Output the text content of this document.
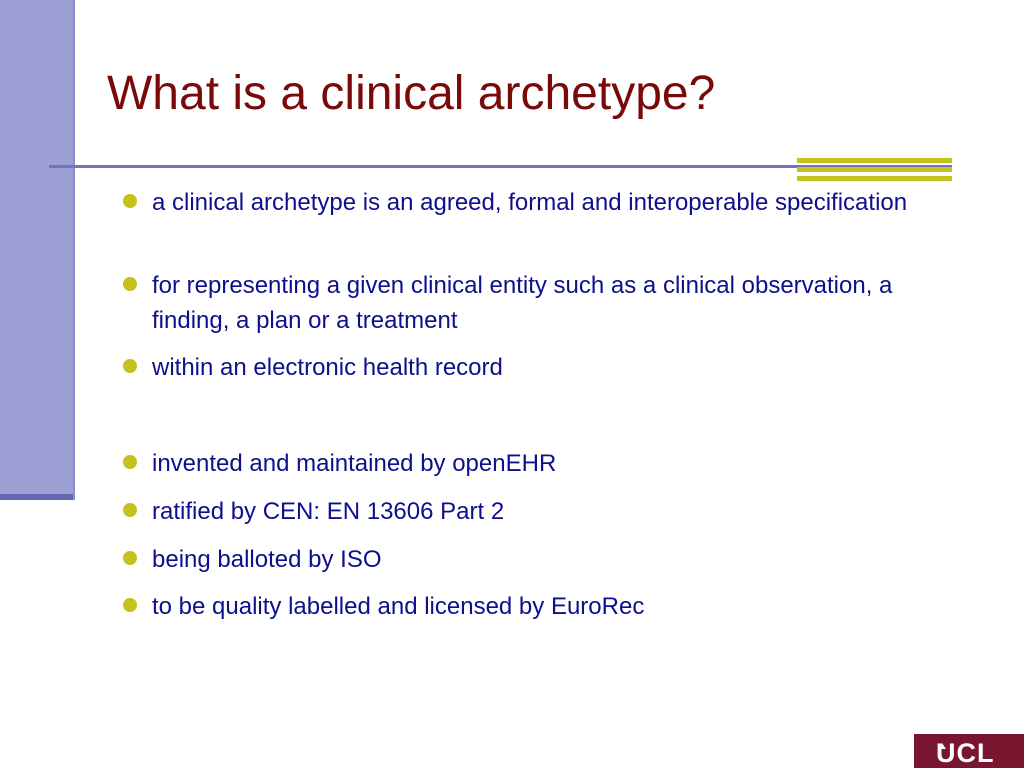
What is a clinical archetype?
a clinical archetype is an agreed, formal and interoperable specification
for representing a given clinical entity such as a clinical observation, a finding, a plan or a treatment
within an electronic health record
invented and maintained by openEHR
ratified by CEN: EN 13606 Part 2
being balloted by ISO
to be quality labelled and licensed by EuroRec
UCL
